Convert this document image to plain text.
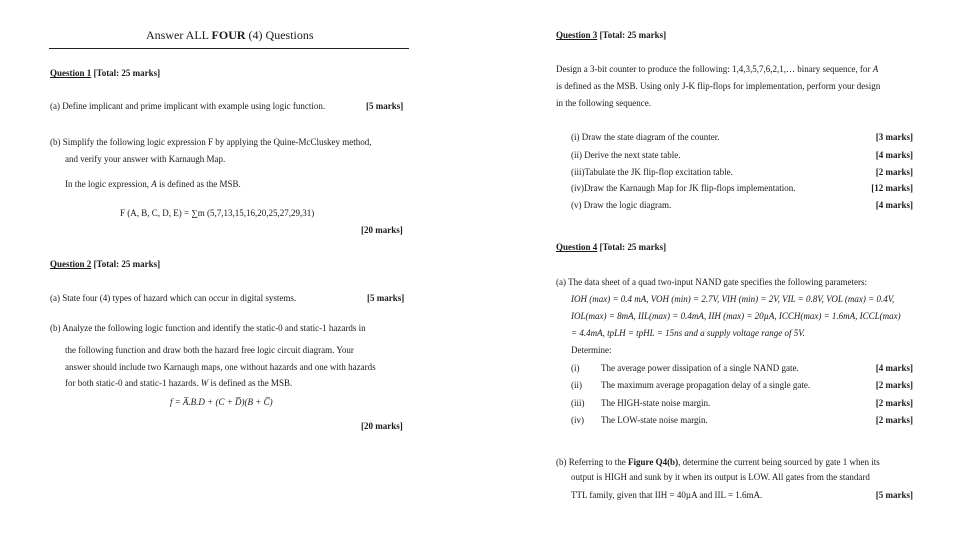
Answer ALL FOUR (4) Questions
Question 1 [Total: 25 marks]
(a) Define implicant and prime implicant with example using logic function.	[5 marks]
(b) Simplify the following logic expression F by applying the Quine-McCluskey method,
and verify your answer with Karnaugh Map.
In the logic expression, A is defined as the MSB.
F (A, B, C, D, E) = ∑m (5,7,13,15,16,20,25,27,29,31)
[20 marks]
Question 2 [Total: 25 marks]
(a) State four (4) types of hazard which can occur in digital systems.	[5 marks]
(b) Analyze the following logic function and identify the static-0 and static-1 hazards in
the following function and draw both the hazard free logic circuit diagram. Your
answer should include two Karnaugh maps, one without hazards and one with hazards
for both static-0 and static-1 hazards. W is defined as the MSB.
f = A̅.B.D + (C + D̅)(B + C̅)
[20 marks]
Question 3 [Total: 25 marks]
Design a 3-bit counter to produce the following: 1,4,3,5,7,6,2,1,… binary sequence, for A
is defined as the MSB. Using only J-K flip-flops for implementation, perform your design
in the following sequence.
(i) Draw the state diagram of the counter.	[3 marks]
(ii) Derive the next state table.	[4 marks]
(iii)Tabulate the JK flip-flop excitation table.	[2 marks]
(iv)Draw the Karnaugh Map for JK flip-flops implementation.	[12 marks]
(v) Draw the logic diagram.	[4 marks]
Question 4 [Total: 25 marks]
(a) The data sheet of a quad two-input NAND gate specifies the following parameters:
IOH (max) = 0.4 mA, VOH (min) = 2.7V, VIH (min) = 2V, VIL = 0.8V, VOL (max) = 0.4V,
IOL(max) = 8mA, IIL(max) = 0.4mA, IIH (max) = 20µA, ICCH(max) = 1.6mA, ICCL(max)
= 4.4mA, tpLH = tpHL = 15ns and a supply voltage range of 5V.
Determine:
(i) The average power dissipation of a single NAND gate.	[4 marks]
(ii) The maximum average propagation delay of a single gate.	[2 marks]
(iii) The HIGH-state noise margin.	[2 marks]
(iv) The LOW-state noise margin.	[2 marks]
(b) Referring to the Figure Q4(b), determine the current being sourced by gate 1 when its
output is HIGH and sunk by it when its output is LOW. All gates from the standard
TTL family, given that IIH = 40µA and IIL = 1.6mA.	[5 marks]
